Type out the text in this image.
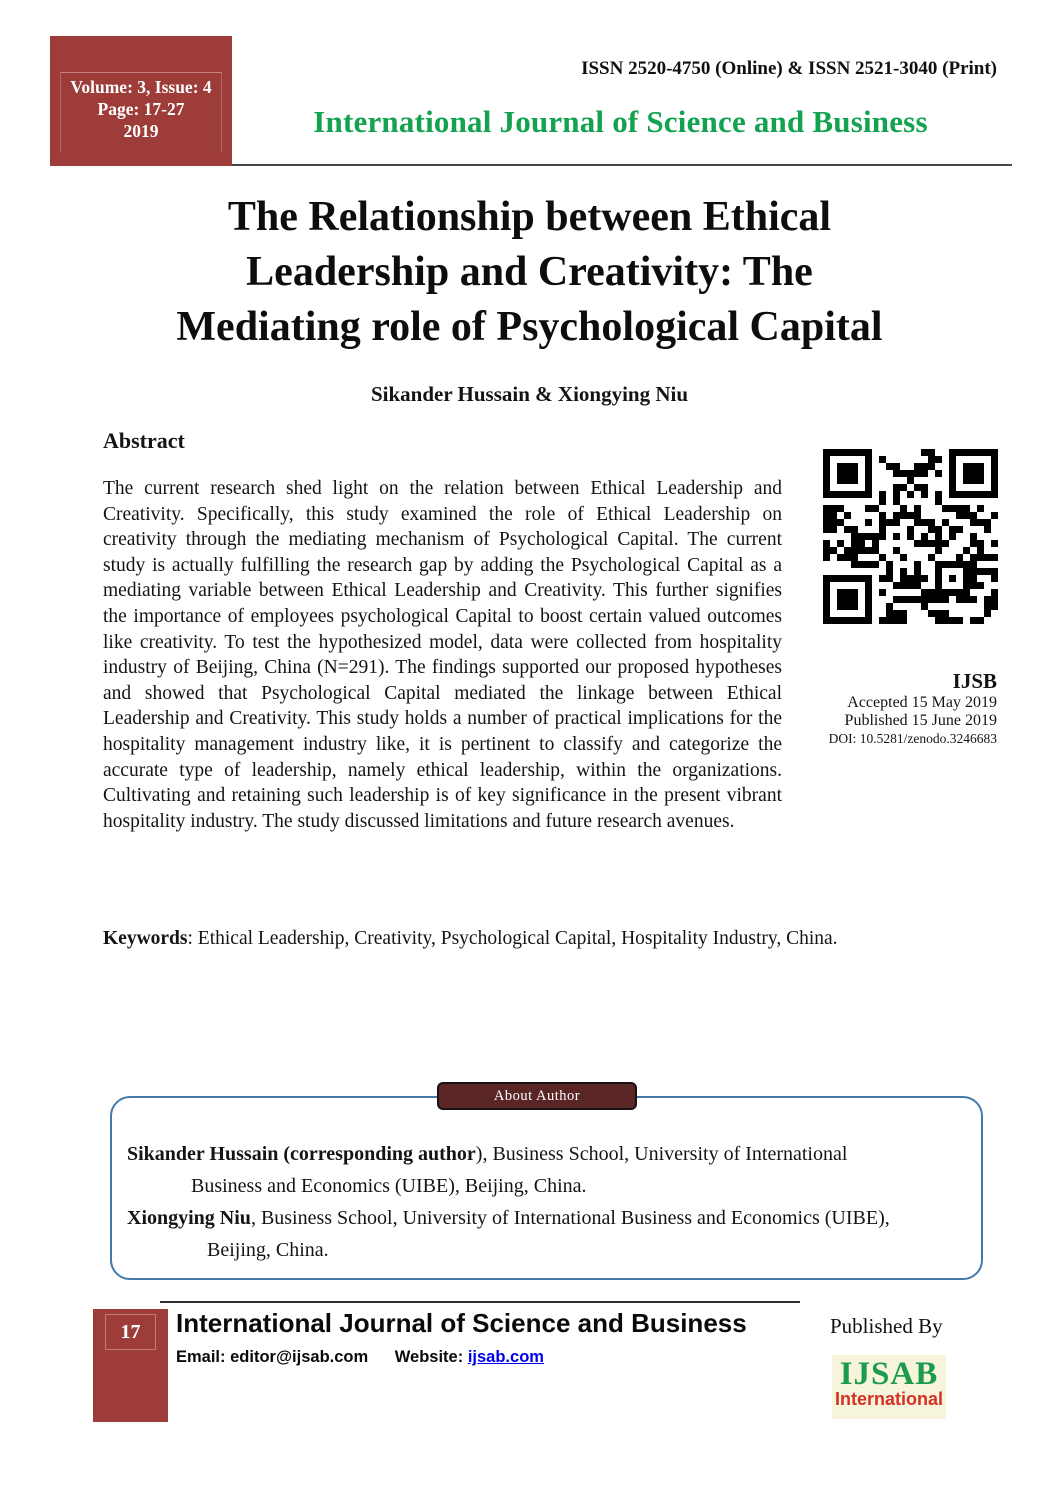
Volume: 3, Issue: 4
Page: 17-27
2019
ISSN 2520-4750 (Online) & ISSN 2521-3040 (Print)
International Journal of Science and Business
The Relationship between Ethical
Leadership and Creativity: The
Mediating role of Psychological Capital
Sikander Hussain & Xiongying Niu
Abstract
The current research shed light on the relation between Ethical Leadership and Creativity. Specifically, this study examined the role of Ethical Leadership on creativity through the mediating mechanism of Psychological Capital. The current study is actually fulfilling the research gap by adding the Psychological Capital as a mediating variable between Ethical Leadership and Creativity. This further signifies the importance of employees psychological Capital to boost certain valued outcomes like creativity. To test the hypothesized model, data were collected from hospitality industry of Beijing, China (N=291). The findings supported our proposed hypotheses and showed that Psychological Capital mediated the linkage between Ethical Leadership and Creativity. This study holds a number of practical implications for the hospitality management industry like, it is pertinent to classify and categorize the accurate type of leadership, namely ethical leadership, within the organizations. Cultivating and retaining such leadership is of key significance in the present vibrant hospitality industry. The study discussed limitations and future research avenues.
Keywords: Ethical Leadership, Creativity, Psychological Capital, Hospitality Industry, China.
IJSB
Accepted 15 May 2019
Published 15 June 2019
DOI: 10.5281/zenodo.3246683
About Author
Sikander Hussain (corresponding author), Business School, University of International
Business and Economics (UIBE), Beijing, China.
Xiongying Niu, Business School, University of International Business and Economics (UIBE),
Beijing, China.
17	International Journal of Science and Business
Email: editor@ijsab.com Website: ijsab.com
Published By
IJSAB
International
